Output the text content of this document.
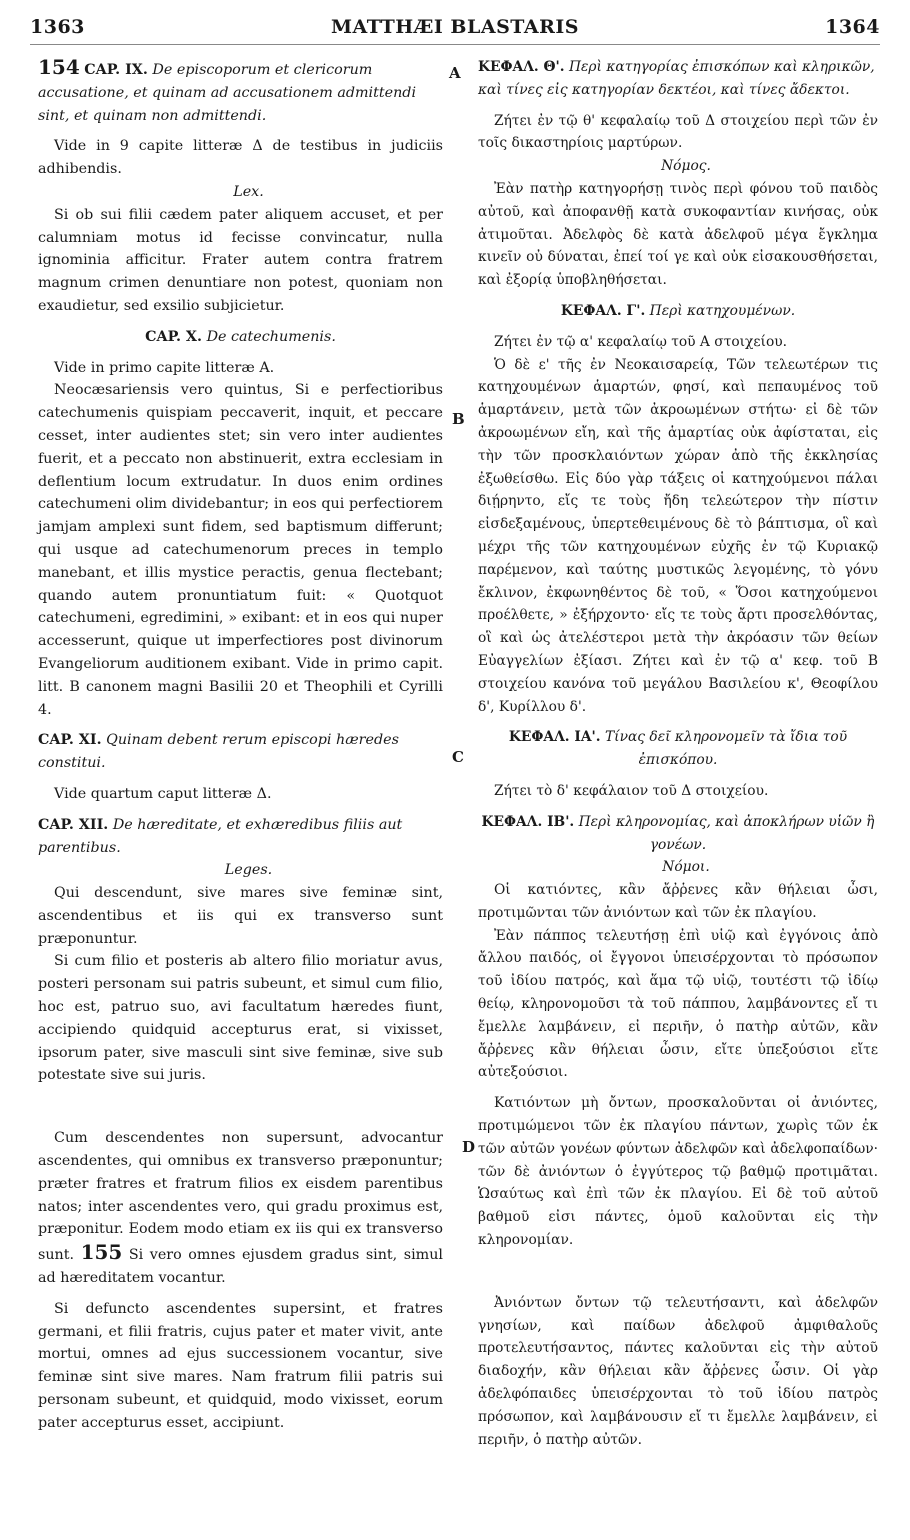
1363	MATTHÆI BLASTARIS	1364
A
B
C
D

154 CAP. IX. De episcoporum et clericorum accusatione, et quinam ad accusationem admittendi sint, et quinam non admittendi.

Vide in 9 capite litteræ Δ de testibus in judiciis adhibendis.

Lex.

Si ob sui filii cædem pater aliquem accuset, et per calumniam motus id fecisse convincatur, nulla ignominia afficitur. Frater autem contra fratrem magnum crimen denuntiare non potest, quoniam non exaudietur, sed exsilio subjicietur.

CAP. X. De catechumenis.

Vide in primo capite litteræ A.

Neocæsariensis vero quintus, Si e perfectioribus catechumenis quispiam peccaverit, inquit, et peccare cesset, inter audientes stet; sin vero inter audientes fuerit, et a peccato non abstinuerit, extra ecclesiam in deflentium locum extrudatur. In duos enim ordines catechumeni olim dividebantur; in eos qui perfectiorem jamjam amplexi sunt fidem, sed baptismum differunt; qui usque ad catechumenorum preces in templo manebant, et illis mystice peractis, genua flectebant; quando autem pronuntiatum fuit: « Quotquot catechumeni, egredimini, » exibant: et in eos qui nuper accesserunt, quique ut imperfectiores post divinorum Evangeliorum auditionem exibant. Vide in primo capit. litt. B canonem magni Basilii 20 et Theophili et Cyrilli 4.

CAP. XI. Quinam debent rerum episcopi hæredes constitui.

Vide quartum caput litteræ Δ.

CAP. XII. De hæreditate, et exhæredibus filiis aut parentibus.

Leges.

Qui descendunt, sive mares sive feminæ sint, ascendentibus et iis qui ex transverso sunt præponuntur.

Si cum filio et posteris ab altero filio moriatur avus, posteri personam sui patris subeunt, et simul cum filio, hoc est, patruo suo, avi facultatum hæredes fiunt, accipiendo quidquid accepturus erat, si vixisset, ipsorum pater, sive masculi sint sive feminæ, sive sub potestate sive sui juris.

Cum descendentes non supersunt, advocantur ascendentes, qui omnibus ex transverso præponuntur; præter fratres et fratrum filios ex eisdem parentibus natos; inter ascendentes vero, qui gradu proximus est, præponitur. Eodem modo etiam ex iis qui ex transverso sunt. 155 Si vero omnes ejusdem gradus sint, simul ad hæreditatem vocantur.

Si defuncto ascendentes supersint, et fratres germani, et filii fratris, cujus pater et mater vivit, ante mortui, omnes ad ejus successionem vocantur, sive feminæ sint sive mares. Nam fratrum filii patris sui personam subeunt, et quidquid, modo vixisset, eorum pater accepturus esset, accipiunt.

ΚΕΦΑΛ. Θ'. Περὶ κατηγορίας ἐπισκόπων καὶ κληρικῶν, καὶ τίνες εἰς κατηγορίαν δεκτέοι, καὶ τίνες ἄδεκτοι.

Ζήτει ἐν τῷ θ' κεφαλαίῳ τοῦ Δ στοιχείου περὶ τῶν ἐν τοῖς δικαστηρίοις μαρτύρων.

Νόμος.

Ἐὰν πατὴρ κατηγορήσῃ τινὸς περὶ φόνου τοῦ παιδὸς αὐτοῦ, καὶ ἀποφανθῇ κατὰ συκοφαντίαν κινήσας, οὐκ ἀτιμοῦται. Ἀδελφὸς δὲ κατὰ ἀδελφοῦ μέγα ἔγκλημα κινεῖν οὐ δύναται, ἐπεί τοί γε καὶ οὐκ εἰσακουσθήσεται, καὶ ἐξορίᾳ ὑποβληθήσεται.

ΚΕΦΑΛ. Γ'. Περὶ κατηχουμένων.

Ζήτει ἐν τῷ α' κεφαλαίῳ τοῦ Α στοιχείου.

Ὁ δὲ ε' τῆς ἐν Νεοκαισαρείᾳ, Τῶν τελεωτέρων τις κατηχουμένων ἁμαρτών, φησί, καὶ πεπαυμένος τοῦ ἁμαρτάνειν, μετὰ τῶν ἀκροωμένων στήτω· εἰ δὲ τῶν ἀκροωμένων εἴη, καὶ τῆς ἁμαρτίας οὐκ ἀφίσταται, εἰς τὴν τῶν προσκλαιόντων χώραν ἀπὸ τῆς ἐκκλησίας ἐξωθείσθω. Εἰς δύο γὰρ τάξεις οἱ κατηχούμενοι πάλαι διῄρηντο, εἴς τε τοὺς ἤδη τελεώτερον τὴν πίστιν εἰσδεξαμένους, ὑπερτεθειμένους δὲ τὸ βάπτισμα, οἳ καὶ μέχρι τῆς τῶν κατηχουμένων εὐχῆς ἐν τῷ Κυριακῷ παρέμενον, καὶ ταύτης μυστικῶς λεγομένης, τὸ γόνυ ἔκλινον, ἐκφωνηθέντος δὲ τοῦ, « Ὅσοι κατηχούμενοι προέλθετε, » ἐξήρχοντο· εἴς τε τοὺς ἄρτι προσελθόντας, οἳ καὶ ὡς ἀτελέστεροι μετὰ τὴν ἀκρόασιν τῶν θείων Εὐαγγελίων ἐξίασι. Ζήτει καὶ ἐν τῷ α' κεφ. τοῦ Β στοιχείου κανόνα τοῦ μεγάλου Βασιλείου κ', Θεοφίλου δ', Κυρίλλου δ'.

ΚΕΦΑΛ. ΙΑ'. Τίνας δεῖ κληρονομεῖν τὰ ἴδια τοῦ ἐπισκόπου.

Ζήτει τὸ δ' κεφάλαιον τοῦ Δ στοιχείου.

ΚΕΦΑΛ. ΙΒ'. Περὶ κληρονομίας, καὶ ἀποκλήρων υἱῶν ἢ γονέων.

Νόμοι.

Οἱ κατιόντες, κἂν ἄῤῥενες κἂν θήλειαι ὦσι, προτιμῶνται τῶν ἀνιόντων καὶ τῶν ἐκ πλαγίου.

Ἐὰν πάππος τελευτήσῃ ἐπὶ υἱῷ καὶ ἐγγόνοις ἀπὸ ἄλλου παιδός, οἱ ἔγγονοι ὑπεισέρχονται τὸ πρόσωπον τοῦ ἰδίου πατρός, καὶ ἅμα τῷ υἱῷ, τουτέστι τῷ ἰδίῳ θείῳ, κληρονομοῦσι τὰ τοῦ πάππου, λαμβάνοντες εἴ τι ἔμελλε λαμβάνειν, εἰ περιῆν, ὁ πατὴρ αὐτῶν, κἂν ἄῤῥενες κἂν θήλειαι ὦσιν, εἴτε ὑπεξούσιοι εἴτε αὐτεξούσιοι.

Κατιόντων μὴ ὄντων, προσκαλοῦνται οἱ ἀνιόντες, προτιμώμενοι τῶν ἐκ πλαγίου πάντων, χωρὶς τῶν ἐκ τῶν αὐτῶν γονέων φύντων ἀδελφῶν καὶ ἀδελφοπαίδων· τῶν δὲ ἀνιόντων ὁ ἐγγύτερος τῷ βαθμῷ προτιμᾶται. Ὡσαύτως καὶ ἐπὶ τῶν ἐκ πλαγίου. Εἰ δὲ τοῦ αὐτοῦ βαθμοῦ εἰσι πάντες, ὁμοῦ καλοῦνται εἰς τὴν κληρονομίαν.

Ἀνιόντων ὄντων τῷ τελευτήσαντι, καὶ ἀδελφῶν γνησίων, καὶ παίδων ἀδελφοῦ ἀμφιθαλοῦς προτελευτήσαντος, πάντες καλοῦνται εἰς τὴν αὐτοῦ διαδοχήν, κἂν θήλειαι κἂν ἄῤῥενες ὦσιν. Οἱ γὰρ ἀδελφόπαιδες ὑπεισέρχονται τὸ τοῦ ἰδίου πατρὸς πρόσωπον, καὶ λαμβάνουσιν εἴ τι ἔμελλε λαμβάνειν, εἰ περιῆν, ὁ πατὴρ αὐτῶν.
